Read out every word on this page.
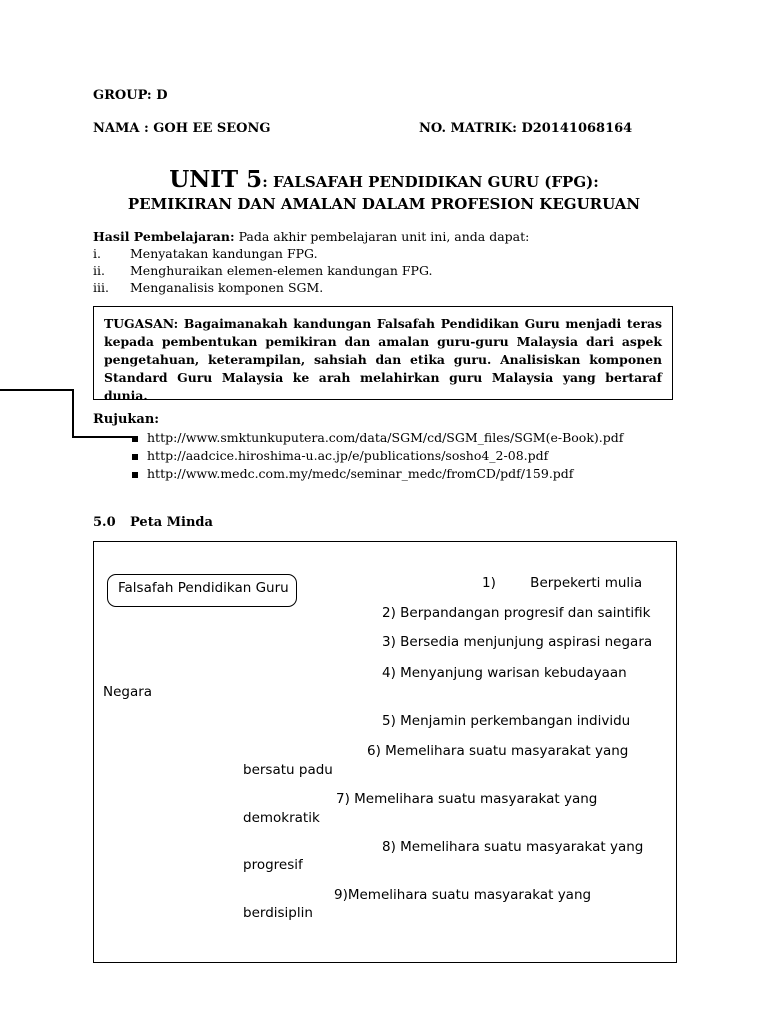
GROUP: D
NAMA : GOH EE SEONG	NO. MATRIK: D20141068164
UNIT 5: FALSAFAH PENDIDIKAN GURU (FPG):
PEMIKIRAN DAN AMALAN DALAM PROFESION KEGURUAN
Hasil Pembelajaran: Pada akhir pembelajaran unit ini, anda dapat:
i. Menyatakan kandungan FPG.
ii. Menghuraikan elemen-elemen kandungan FPG.
iii. Menganalisis komponen SGM.
TUGASAN: Bagaimanakah kandungan Falsafah Pendidikan Guru menjadi teras kepada pembentukan pemikiran dan amalan guru-guru Malaysia dari aspek pengetahuan, keterampilan, sahsiah dan etika guru. Analisiskan komponen Standard Guru Malaysia ke arah melahirkan guru Malaysia yang bertaraf dunia.
Rujukan:
http://www.smktunkuputera.com/data/SGM/cd/SGM_files/SGM(e-Book).pdf
http://aadcice.hiroshima-u.ac.jp/e/publications/sosho4_2-08.pdf
http://www.medc.com.my/medc/seminar_medc/fromCD/pdf/159.pdf
5.0 Peta Minda
Falsafah Pendidikan Guru	1)        Berpekerti mulia
2) Berpandangan progresif dan saintifik
3) Bersedia menjunjung aspirasi negara
4) Menyanjung warisan kebudayaan
Negara
5) Menjamin perkembangan individu
6) Memelihara suatu masyarakat yang
bersatu padu
7) Memelihara suatu masyarakat yang
demokratik
8) Memelihara suatu masyarakat yang
progresif
9)Memelihara suatu masyarakat yang
berdisiplin
